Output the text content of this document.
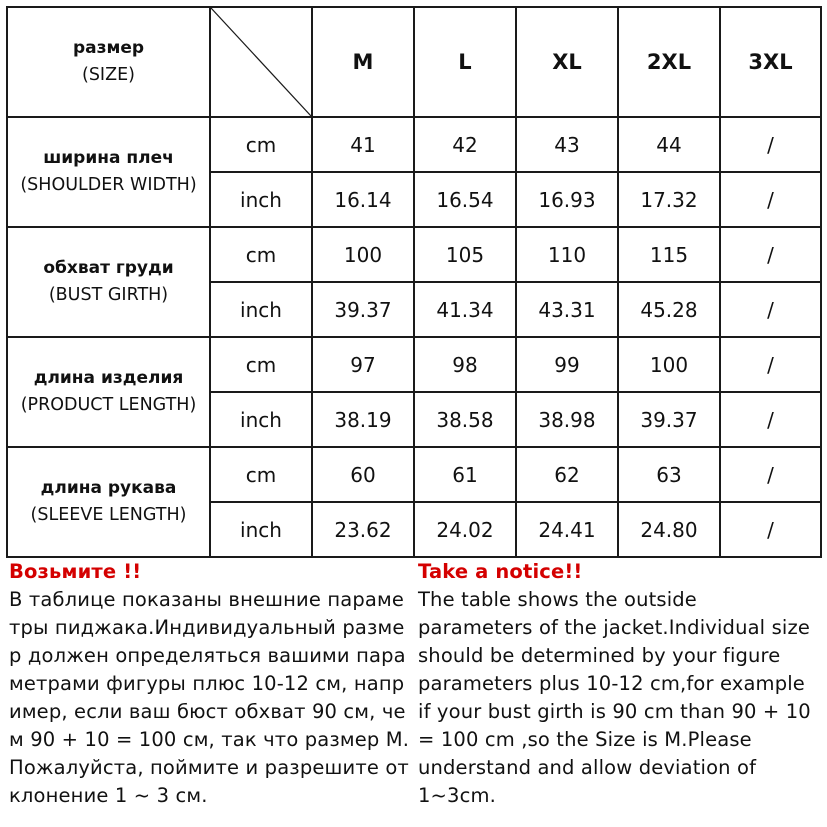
размер
(SIZE)		M	L	XL	2XL	3XL

ширина плеч
(SHOULDER WIDTH)	cm	41	42	43	44	/
	inch	16.14	16.54	16.93	17.32	/

обхват груди
(BUST GIRTH)	cm	100	105	110	115	/
	inch	39.37	41.34	43.31	45.28	/

длина изделия
(PRODUCT LENGTH)	cm	97	98	99	100	/
	inch	38.19	38.58	38.98	39.37	/

длина рукава
(SLEEVE LENGTH)	cm	60	61	62	63	/
	inch	23.62	24.02	24.41	24.80	/
Возьмите !!
В таблице показаны внешние параме
тры пиджака.Индивидуальный разме
р должен определяться вашими пара
метрами фигуры плюс 10-12 см, напр
имер, если ваш бюст обхват 90 см, че
м 90 + 10 = 100 см, так что размер М.
Пожалуйста, поймите и разрешите от
клонение 1 ~ 3 см.
Take a notice!!
The table shows the outside
parameters of the jacket.Individual size
should be determined by your figure
parameters plus 10-12 cm,for example
if your bust girth is 90 cm than 90 + 10
= 100 cm ,so the Size is M.Please
understand and allow deviation of
1~3cm.
